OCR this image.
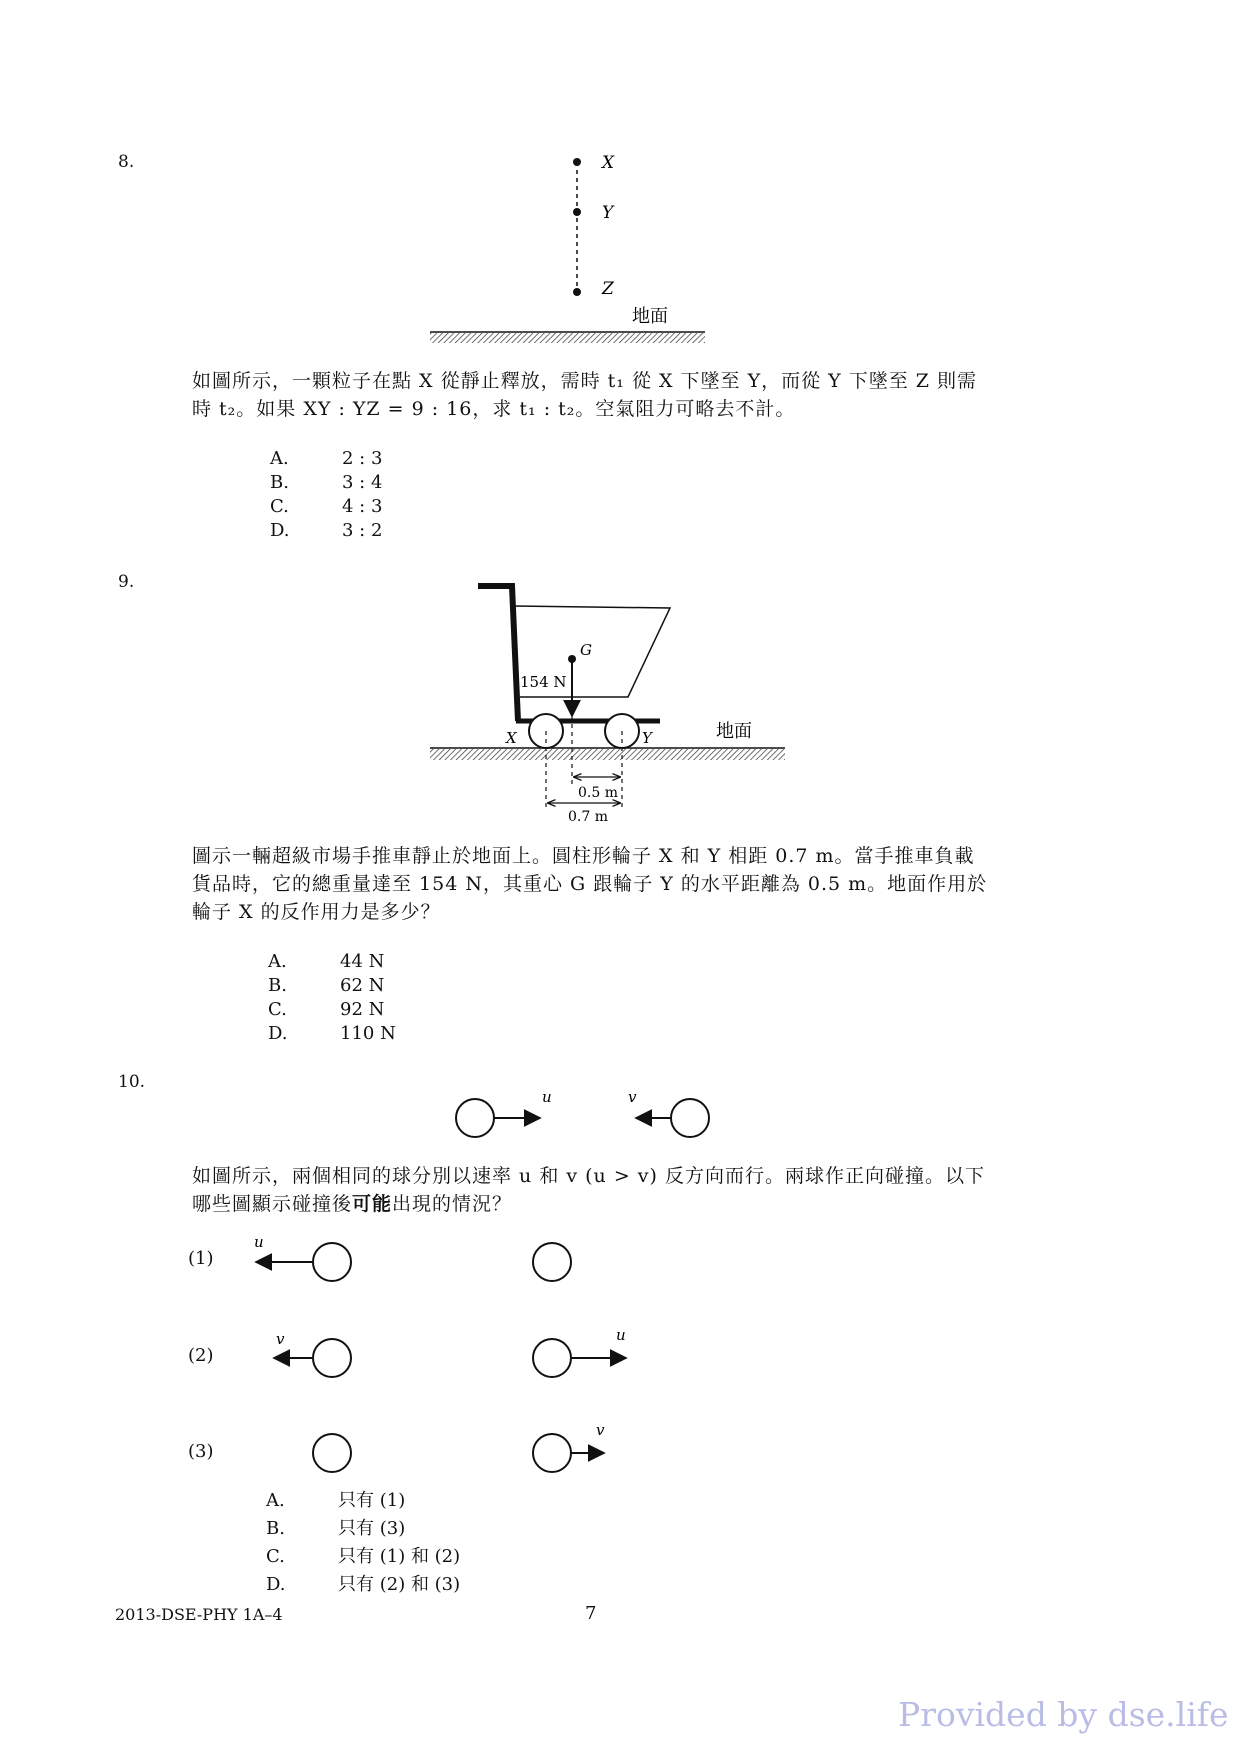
8.	X
Y
Z
地面
如圖所示，一顆粒子在點 X 從靜止釋放，需時 t₁ 從 X 下墜至 Y，而從 Y 下墜至 Z 則需
時 t₂。如果 XY : YZ = 9 : 16，求 t₁ : t₂。空氣阻力可略去不計。
A.	2 : 3
B.	3 : 4
C.	4 : 3
D.	3 : 2
9.
G
154 N
X	Y	地面
0.5 m
0.7 m
圖示一輛超級市場手推車靜止於地面上。圓柱形輪子 X 和 Y 相距 0.7 m。當手推車負載
貨品時，它的總重量達至 154 N，其重心 G 跟輪子 Y 的水平距離為 0.5 m。地面作用於
輪子 X 的反作用力是多少？
A.	44 N
B.	62 N
C.	92 N
D.	110 N
10.
u	v
如圖所示，兩個相同的球分別以速率 u 和 v (u > v) 反方向而行。兩球作正向碰撞。以下
哪些圖顯示碰撞後可能出現的情況？
(1)
u
(2)
v	u
(3)
v
A.	只有 (1)
B.	只有 (3)
C.	只有 (1) 和 (2)
D.	只有 (2) 和 (3)
2013-DSE-PHY 1A–4	7
Provided by dse.life
